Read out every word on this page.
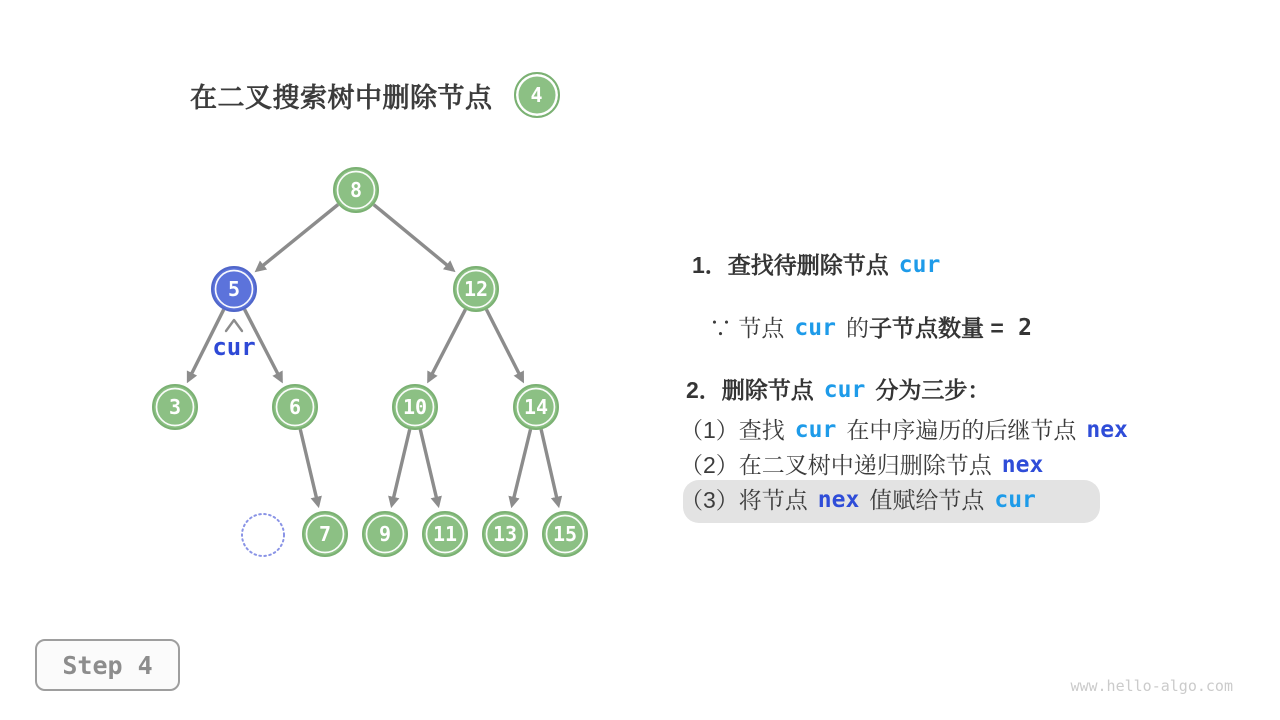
在二叉搜索树中删除节点 4
8
5	12
3	6	10	14
7 9 11 13 15
cur
1．查找待删除节点 cur
∵ 节点 cur 的 子节点数量 = 2
2．删除节点 cur 分为三步：
（1）查找 cur 在中序遍历的后继节点 nex
（2）在二叉树中递归删除节点 nex
（3）将节点 nex 值赋给节点 cur
Step 4
www.hello-algo.com
